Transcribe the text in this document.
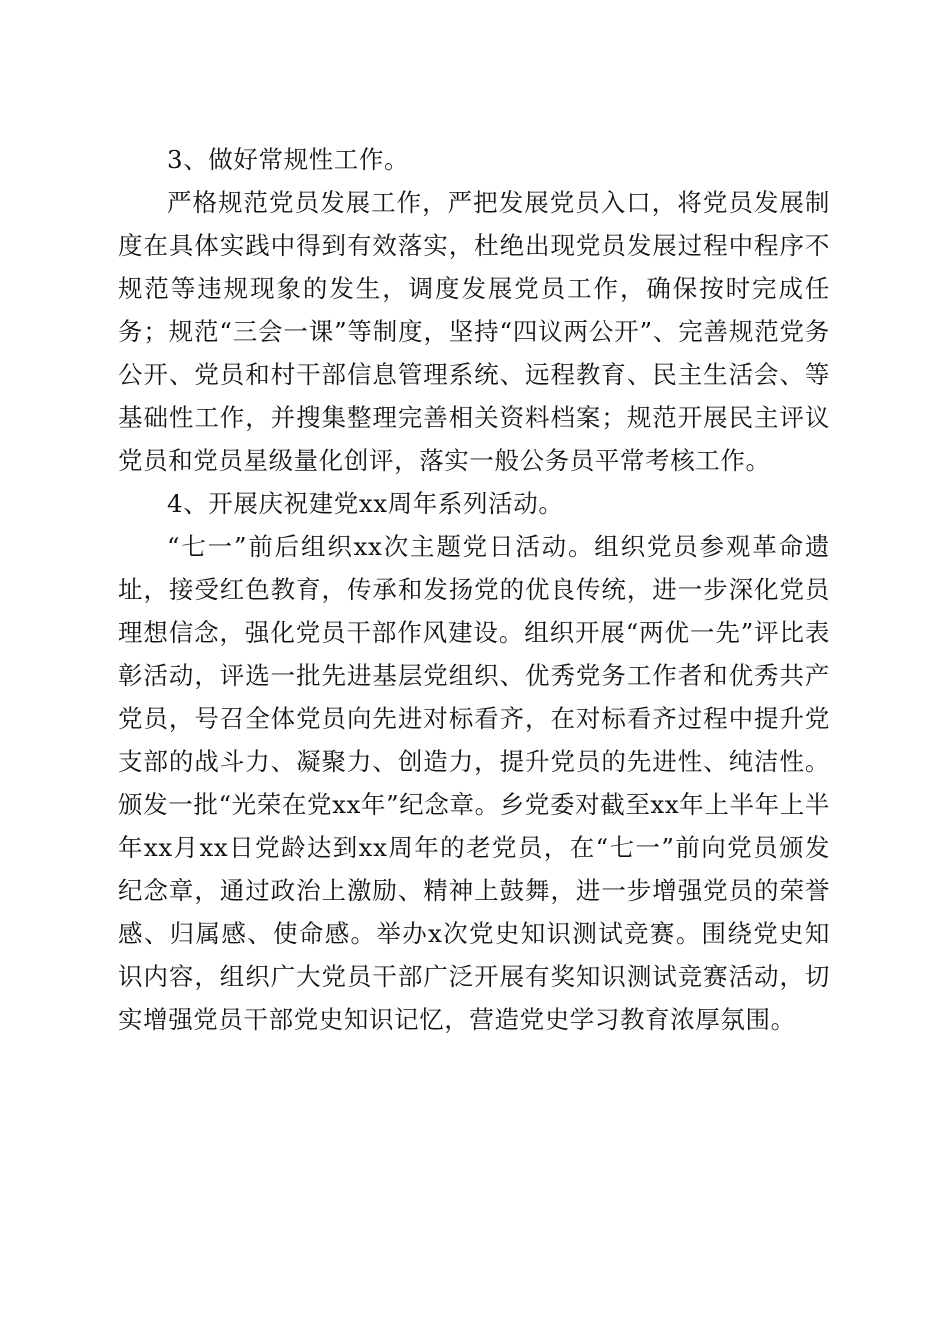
3、做好常规性工作。

严格规范党员发展工作，严把发展党员入口，将党员发展制度在具体实践中得到有效落实，杜绝出现党员发展过程中程序不规范等违规现象的发生，调度发展党员工作，确保按时完成任务；规范“三会一课”等制度，坚持“四议两公开”、完善规范党务公开、党员和村干部信息管理系统、远程教育、民主生活会、等基础性工作，并搜集整理完善相关资料档案；规范开展民主评议党员和党员星级量化创评，落实一般公务员平常考核工作。

4、开展庆祝建党xx周年系列活动。

“七一”前后组织xx次主题党日活动。组织党员参观革命遗址，接受红色教育，传承和发扬党的优良传统，进一步深化党员理想信念，强化党员干部作风建设。组织开展“两优一先”评比表彰活动，评选一批先进基层党组织、优秀党务工作者和优秀共产党员，号召全体党员向先进对标看齐，在对标看齐过程中提升党支部的战斗力、凝聚力、创造力，提升党员的先进性、纯洁性。颁发一批“光荣在党xx年”纪念章。乡党委对截至xx年上半年上半年xx月xx日党龄达到xx周年的老党员，在“七一”前向党员颁发纪念章，通过政治上激励、精神上鼓舞，进一步增强党员的荣誉感、归属感、使命感。举办x次党史知识测试竞赛。围绕党史知识内容，组织广大党员干部广泛开展有奖知识测试竞赛活动，切实增强党员干部党史知识记忆，营造党史学习教育浓厚氛围。
